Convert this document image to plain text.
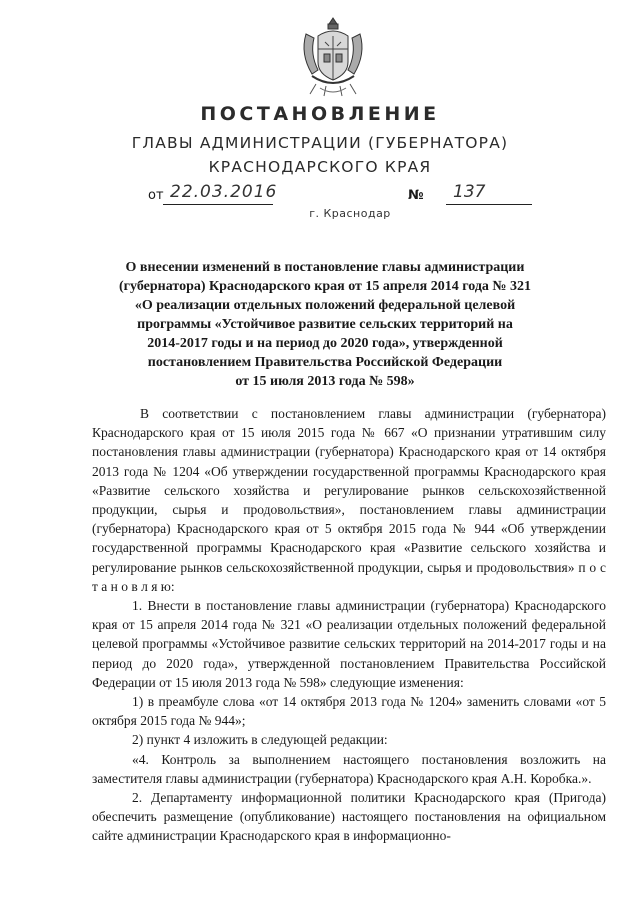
ПОСТАНОВЛЕНИЕ
ГЛАВЫ АДМИНИСТРАЦИИ (ГУБЕРНАТОРА)
КРАСНОДАРСКОГО КРАЯ
от 22.03.2016	№ 137
г. Краснодар
О внесении изменений в постановление главы администрации
(губернатора) Краснодарского края от 15 апреля 2014 года № 321
«О реализации отдельных положений федеральной целевой
программы «Устойчивое развитие сельских территорий на
2014-2017 годы и на период до 2020 года», утвержденной
постановлением Правительства Российской Федерации
от 15 июля 2013 года № 598»

В соответствии с постановлением главы администрации (губернатора) Краснодарского края от 15 июля 2015 года № 667 «О признании утратившим силу постановления главы администрации (губернатора) Краснодарского края от 14 октября 2013 года № 1204 «Об утверждении государственной программы Краснодарского края «Развитие сельского хозяйства и регулирование рынков сельскохозяйственной продукции, сырья и продовольствия», постановлением главы администрации (губернатора) Краснодарского края от 5 октября 2015 года № 944 «Об утверждении государственной программы Краснодарского края «Развитие сельского хозяйства и регулирование рынков сельскохозяйственной продукции, сырья и продовольствия» п о с т а н о в л я ю:

1. Внести в постановление главы администрации (губернатора) Краснодарского края от 15 апреля 2014 года № 321 «О реализации отдельных положений федеральной целевой программы «Устойчивое развитие сельских территорий на 2014-2017 годы и на период до 2020 года», утвержденной постановлением Правительства Российской Федерации от 15 июля 2013 года № 598» следующие изменения:

1) в преамбуле слова «от 14 октября 2013 года № 1204» заменить словами «от 5 октября 2015 года № 944»;

2) пункт 4 изложить в следующей редакции:

«4. Контроль за выполнением настоящего постановления возложить на заместителя главы администрации (губернатора) Краснодарского края А.Н. Коробка.».

2. Департаменту информационной политики Краснодарского края (Пригода) обеспечить размещение (опубликование) настоящего постановления на официальном сайте администрации Краснодарского края в информационно-
